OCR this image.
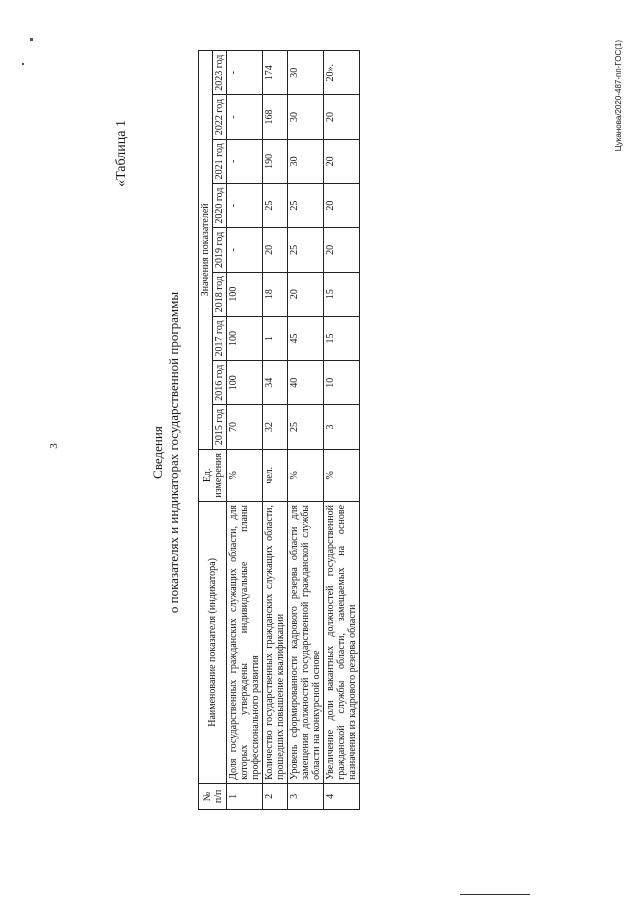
3
«Таблица 1
Цуканова/2020-487-пп-ГОС(1)
Сведения о показателях и индикаторах государственной программы
№ п/п	Наименование показателя (индикатора)	Ед. измерения	Значения показателей								
			2015 год	2016 год	2017 год	2018 год	2019 год	2020 год	2021 год	2022 год	2023 год
1	Доля государственных гражданских служащих области, для которых утверждены индивидуальные планы профессионального развития	%	70	100	100	100	-	-	-	-	-
2	Количество государственных гражданских служащих области, прошедших повышение квалификации	чел.	32	34	1	18	20	25	190	168	174
3	Уровень сформированности кадрового резерва области для замещения должностей государственной гражданской службы области на конкурсной основе	%	25	40	45	20	25	25	30	30	30
4	Увеличение доли вакантных должностей государственной гражданской службы области, замещаемых на основе назначения из кадрового резерва области	%	3	10	15	15	20	20	20	20	20».
